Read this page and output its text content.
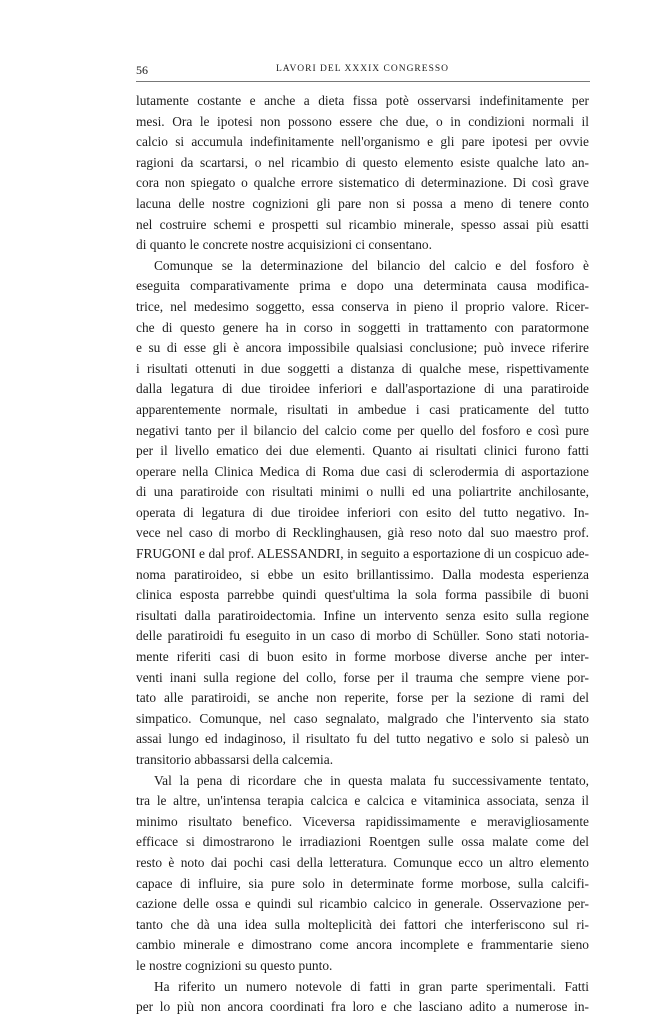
56	LAVORI DEL XXXIX CONGRESSO
lutamente costante e anche a dieta fissa potè osservarsi indefinitamente per
mesi. Ora le ipotesi non possono essere che due, o in condizioni normali il
calcio si accumula indefinitamente nell'organismo e gli pare ipotesi per ovvie
ragioni da scartarsi, o nel ricambio di questo elemento esiste qualche lato an-
cora non spiegato o qualche errore sistematico di determinazione. Di così grave
lacuna delle nostre cognizioni gli pare non si possa a meno di tenere conto
nel costruire schemi e prospetti sul ricambio minerale, spesso assai più esatti
di quanto le concrete nostre acquisizioni ci consentano.
Comunque se la determinazione del bilancio del calcio e del fosforo è
eseguita comparativamente prima e dopo una determinata causa modifica-
trice, nel medesimo soggetto, essa conserva in pieno il proprio valore. Ricer-
che di questo genere ha in corso in soggetti in trattamento con paratormone
e su di esse gli è ancora impossibile qualsiasi conclusione; può invece riferire
i risultati ottenuti in due soggetti a distanza di qualche mese, rispettivamente
dalla legatura di due tiroidee inferiori e dall'asportazione di una paratiroide
apparentemente normale, risultati in ambedue i casi praticamente del tutto
negativi tanto per il bilancio del calcio come per quello del fosforo e così pure
per il livello ematico dei due elementi. Quanto ai risultati clinici furono fatti
operare nella Clinica Medica di Roma due casi di sclerodermia di asportazione
di una paratiroide con risultati minimi o nulli ed una poliartrite anchilosante,
operata di legatura di due tiroidee inferiori con esito del tutto negativo. In-
vece nel caso di morbo di Recklinghausen, già reso noto dal suo maestro prof.
FRUGONI e dal prof. ALESSANDRI, in seguito a esportazione di un cospicuo ade-
noma paratiroideo, si ebbe un esito brillantissimo. Dalla modesta esperienza
clinica esposta parrebbe quindi quest'ultima la sola forma passibile di buoni
risultati dalla paratiroidectomia. Infine un intervento senza esito sulla regione
delle paratiroidi fu eseguito in un caso di morbo di Schüller. Sono stati notoria-
mente riferiti casi di buon esito in forme morbose diverse anche per inter-
venti inani sulla regione del collo, forse per il trauma che sempre viene por-
tato alle paratiroidi, se anche non reperite, forse per la sezione di rami del
simpatico. Comunque, nel caso segnalato, malgrado che l'intervento sia stato
assai lungo ed indaginoso, il risultato fu del tutto negativo e solo si palesò un
transitorio abbassarsi della calcemia.
Val la pena di ricordare che in questa malata fu successivamente tentato,
tra le altre, un'intensa terapia calcica e calcica e vitaminica associata, senza il
minimo risultato benefico. Viceversa rapidissimamente e meravigliosamente
efficace si dimostrarono le irradiazioni Roentgen sulle ossa malate come del
resto è noto dai pochi casi della letteratura. Comunque ecco un altro elemento
capace di influire, sia pure solo in determinate forme morbose, sulla calcifi-
cazione delle ossa e quindi sul ricambio calcico in generale. Osservazione per-
tanto che dà una idea sulla molteplicità dei fattori che interferiscono sul ri-
cambio minerale e dimostrano come ancora incomplete e frammentarie sieno
le nostre cognizioni su questo punto.
Ha riferito un numero notevole di fatti in gran parte sperimentali. Fatti
per lo più non ancora coordinati fra loro e che lasciano adito a numerose in-
